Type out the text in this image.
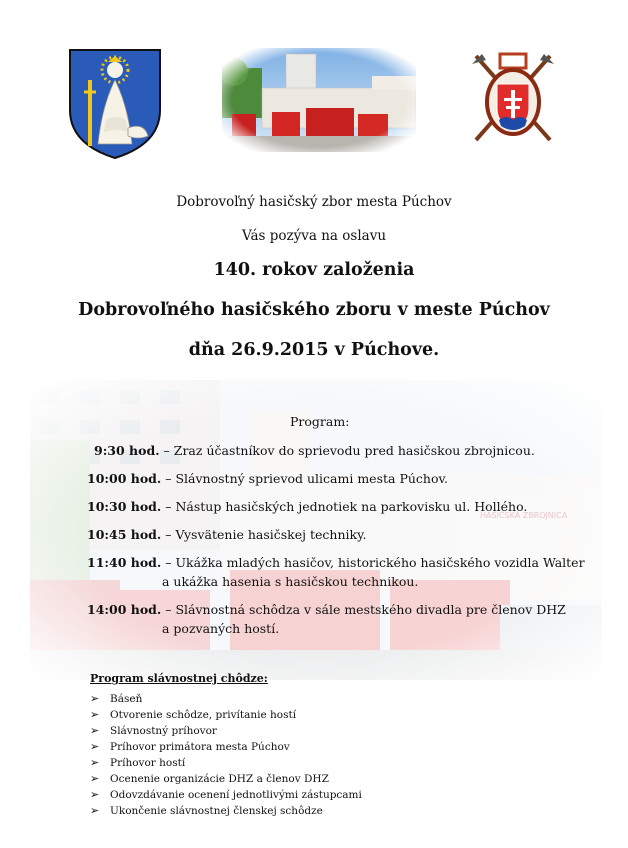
Dobrovoľný hasičský zbor mesta Púchov
Vás pozýva na oslavu
140. rokov založenia
Dobrovoľného hasičského zboru v meste Púchov
dňa 26.9.2015 v Púchove.
Program:
9:30 hod. – Zraz účastníkov do sprievodu pred hasičskou zbrojnicou.
10:00 hod. – Slávnostný sprievod ulicami mesta Púchov.
10:30 hod. – Nástup hasičských jednotiek na parkovisku ul. Hollého.
10:45 hod. – Vysvätenie hasičskej techniky.
11:40 hod. – Ukážka mladých hasičov, historického hasičského vozidla Walter
a ukážka hasenia s hasičskou technikou.
14:00 hod. – Slávnostná schôdza v sále mestského divadla pre členov DHZ
a pozvaných hostí.
Program slávnostnej chôdze:
➢ Báseň
➢ Otvorenie schôdze, privítanie hostí
➢ Slávnostný príhovor
➢ Príhovor primátora mesta Púchov
➢ Príhovor hostí
➢ Ocenenie organizácie DHZ a členov DHZ
➢ Odovzdávanie ocenení jednotlivými zástupcami
➢ Ukončenie slávnostnej členskej schôdze
